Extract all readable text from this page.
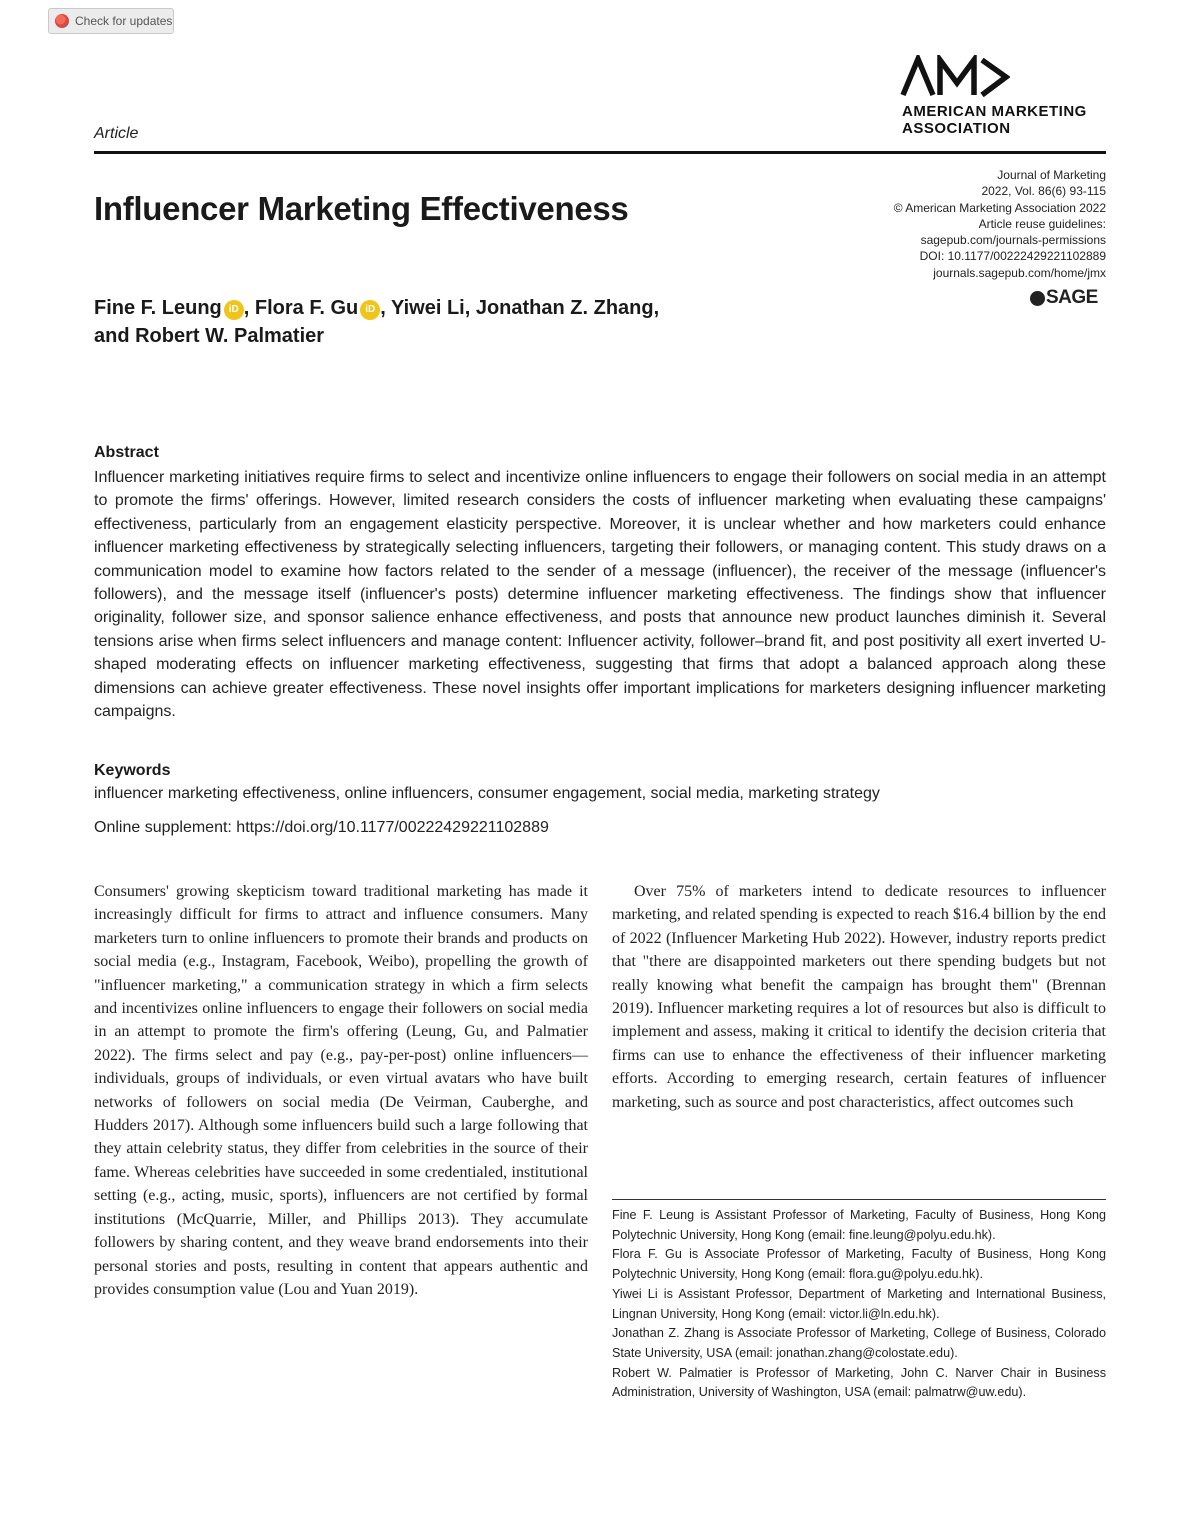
Check for updates
AMERICAN MARKETING
ASSOCIATION
Article
Influencer Marketing Effectiveness
Journal of Marketing
2022, Vol. 86(6) 93-115
© American Marketing Association 2022
Article reuse guidelines:
sagepub.com/journals-permissions
DOI: 10.1177/00222429221102889
journals.sagepub.com/home/jmx
SAGE
Fine F. Leung iD , Flora F. Gu iD , Yiwei Li, Jonathan Z. Zhang,
and Robert W. Palmatier
Abstract
Influencer marketing initiatives require firms to select and incentivize online influencers to engage their followers on social media in an attempt to promote the firms' offerings. However, limited research considers the costs of influencer marketing when evaluating these campaigns' effectiveness, particularly from an engagement elasticity perspective. Moreover, it is unclear whether and how marketers could enhance influencer marketing effectiveness by strategically selecting influencers, targeting their followers, or managing content. This study draws on a communication model to examine how factors related to the sender of a message (influencer), the receiver of the message (influencer's followers), and the message itself (influencer's posts) determine influencer marketing effectiveness. The findings show that influencer originality, follower size, and sponsor salience enhance effectiveness, and posts that announce new product launches diminish it. Several tensions arise when firms select influencers and manage content: Influencer activity, follower–brand fit, and post positivity all exert inverted U-shaped moderating effects on influencer marketing effectiveness, suggesting that firms that adopt a balanced approach along these dimensions can achieve greater effectiveness. These novel insights offer important implications for marketers designing influencer marketing campaigns.
Keywords
influencer marketing effectiveness, online influencers, consumer engagement, social media, marketing strategy
Online supplement: https://doi.org/10.1177/00222429221102889
Consumers' growing skepticism toward traditional marketing has made it increasingly difficult for firms to attract and influence consumers. Many marketers turn to online influencers to promote their brands and products on social media (e.g., Instagram, Facebook, Weibo), propelling the growth of "influencer marketing," a communication strategy in which a firm selects and incentivizes online influencers to engage their followers on social media in an attempt to promote the firm's offering (Leung, Gu, and Palmatier 2022). The firms select and pay (e.g., pay-per-post) online influencers—individuals, groups of individuals, or even virtual avatars who have built networks of followers on social media (De Veirman, Cauberghe, and Hudders 2017). Although some influencers build such a large following that they attain celebrity status, they differ from celebrities in the source of their fame. Whereas celebrities have succeeded in some credentialed, institutional setting (e.g., acting, music, sports), influencers are not certified by formal institutions (McQuarrie, Miller, and Phillips 2013). They accumulate followers by sharing content, and they weave brand endorsements into their personal stories and posts, resulting in content that appears authentic and provides consumption value (Lou and Yuan 2019).
Over 75% of marketers intend to dedicate resources to influencer marketing, and related spending is expected to reach $16.4 billion by the end of 2022 (Influencer Marketing Hub 2022). However, industry reports predict that "there are disappointed marketers out there spending budgets but not really knowing what benefit the campaign has brought them" (Brennan 2019). Influencer marketing requires a lot of resources but also is difficult to implement and assess, making it critical to identify the decision criteria that firms can use to enhance the effectiveness of their influencer marketing efforts. According to emerging research, certain features of influencer marketing, such as source and post characteristics, affect outcomes such
Fine F. Leung is Assistant Professor of Marketing, Faculty of Business, Hong Kong Polytechnic University, Hong Kong (email: fine.leung@polyu.edu.hk).
Flora F. Gu is Associate Professor of Marketing, Faculty of Business, Hong Kong Polytechnic University, Hong Kong (email: flora.gu@polyu.edu.hk).
Yiwei Li is Assistant Professor, Department of Marketing and International Business, Lingnan University, Hong Kong (email: victor.li@ln.edu.hk).
Jonathan Z. Zhang is Associate Professor of Marketing, College of Business, Colorado State University, USA (email: jonathan.zhang@colostate.edu).
Robert W. Palmatier is Professor of Marketing, John C. Narver Chair in Business Administration, University of Washington, USA (email: palmatrw@uw.edu).
